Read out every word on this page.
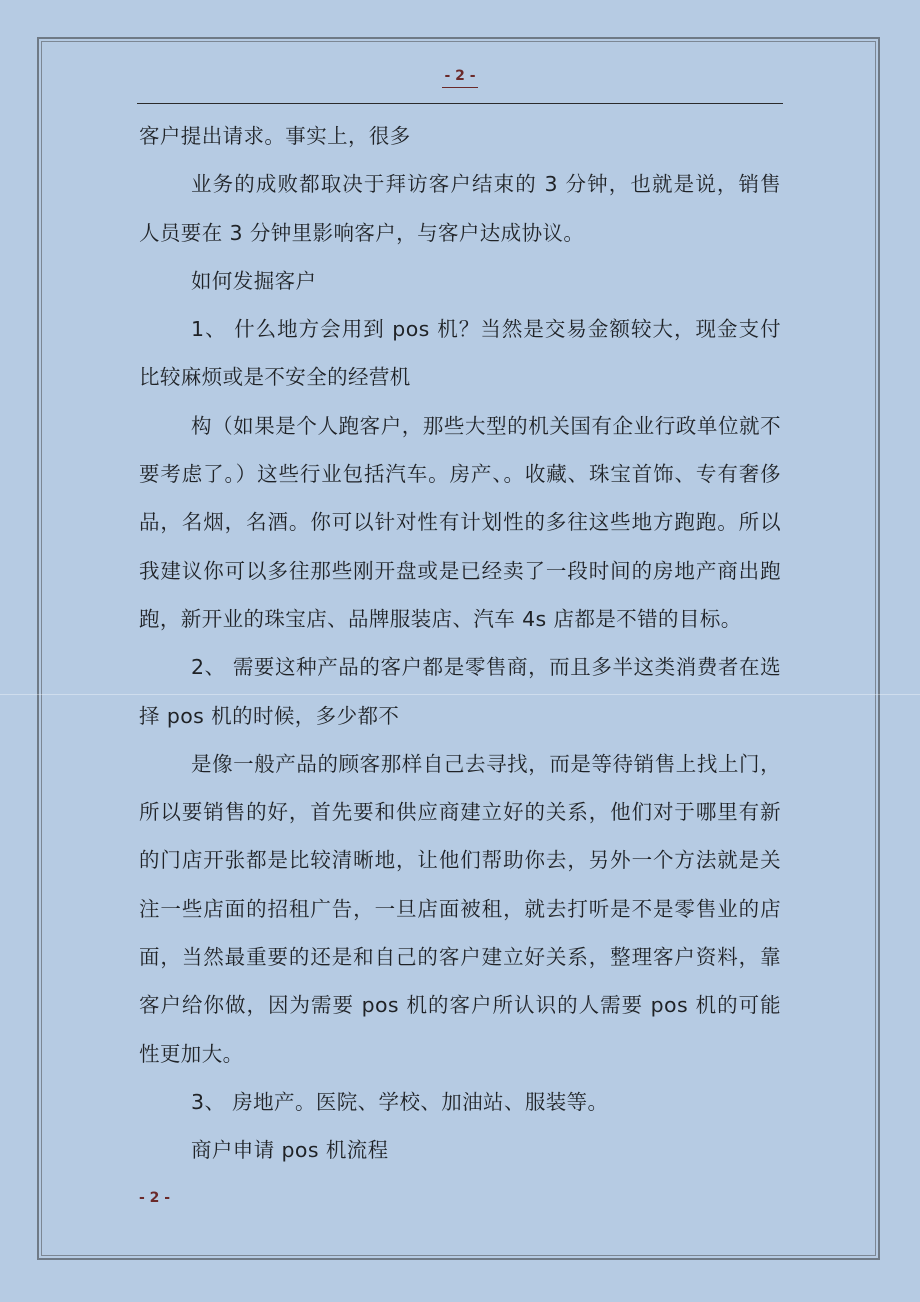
- 2 -

客户提出请求。事实上，很多

业务的成败都取决于拜访客户结束的 3 分钟，也就是说，销售人员要在 3 分钟里影响客户，与客户达成协议。

如何发掘客户

1、 什么地方会用到 pos 机？当然是交易金额较大，现金支付比较麻烦或是不安全的经营机

构（如果是个人跑客户，那些大型的机关国有企业行政单位就不要考虑了。）这些行业包括汽车。房产、。收藏、珠宝首饰、专有奢侈品，名烟，名酒。你可以针对性有计划性的多往这些地方跑跑。所以我建议你可以多往那些刚开盘或是已经卖了一段时间的房地产商出跑跑，新开业的珠宝店、品牌服装店、汽车 4s 店都是不错的目标。

2、 需要这种产品的客户都是零售商，而且多半这类消费者在选择 pos 机的时候，多少都不

是像一般产品的顾客那样自己去寻找，而是等待销售上找上门，所以要销售的好，首先要和供应商建立好的关系，他们对于哪里有新的门店开张都是比较清晰地，让他们帮助你去，另外一个方法就是关注一些店面的招租广告，一旦店面被租，就去打听是不是零售业的店面，当然最重要的还是和自己的客户建立好关系，整理客户资料，靠客户给你做，因为需要 pos 机的客户所认识的人需要 pos 机的可能性更加大。

3、 房地产。医院、学校、加油站、服装等。

商户申请 pos 机流程

- 2 -
